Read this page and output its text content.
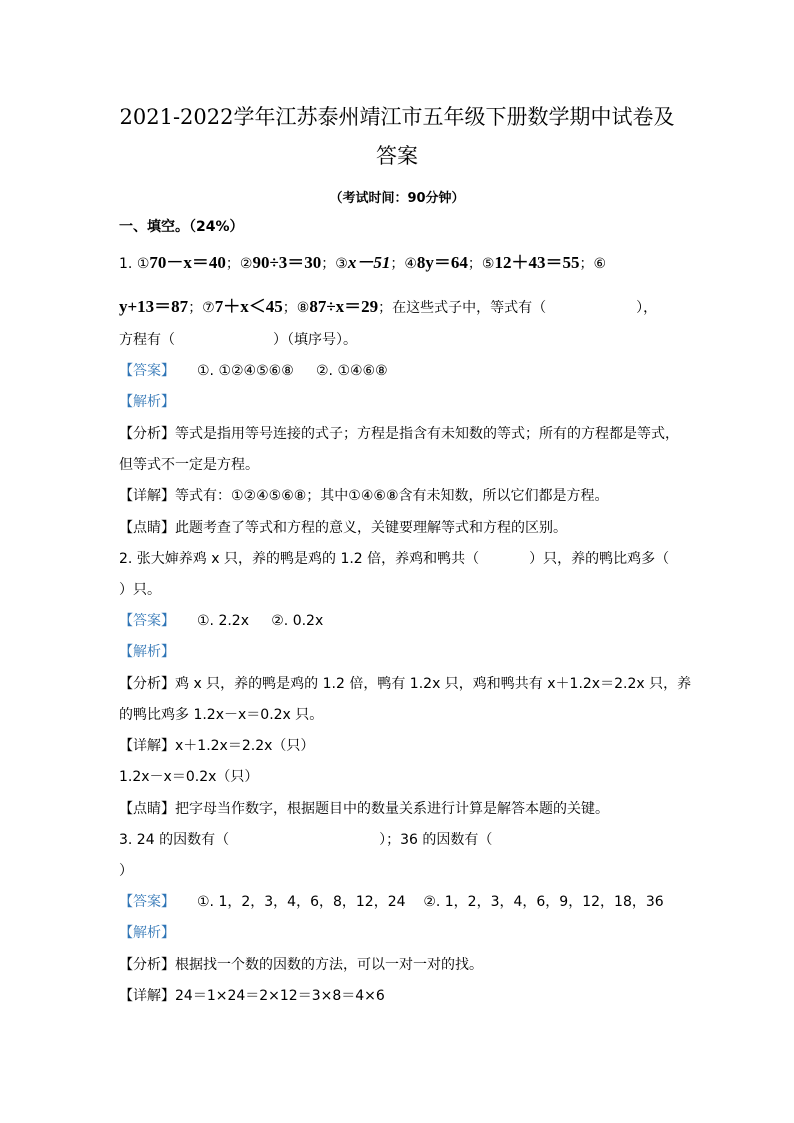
2021-2022学年江苏泰州靖江市五年级下册数学期中试卷及
答案
（考试时间：90分钟）
一、填空。（24%）
1. ①70－x＝40；②90÷3＝30；③x－51；④8y＝64；⑤12＋43＝55；⑥
y+13＝87；⑦7＋x＜45；⑧87÷x＝29；在这些式子中，等式有（	），
方程有（	）（填序号）。
【答案】 ①. ①②④⑤⑥⑧     ②. ①④⑥⑧
【解析】
【分析】等式是指用等号连接的式子；方程是指含有未知数的等式；所有的方程都是等式，
但等式不一定是方程。
【详解】等式有：①②④⑤⑥⑧；其中①④⑥⑧含有未知数，所以它们都是方程。
【点睛】此题考查了等式和方程的意义，关键要理解等式和方程的区别。
2. 张大婶养鸡 x 只，养的鸭是鸡的 1.2 倍，养鸡和鸭共（	）只，养的鸭比鸡多（
）只。
【答案】 ①. 2.2x     ②. 0.2x
【解析】
【分析】鸡 x 只，养的鸭是鸡的 1.2 倍，鸭有 1.2x 只，鸡和鸭共有 x＋1.2x＝2.2x 只，养
的鸭比鸡多 1.2x－x＝0.2x 只。
【详解】x＋1.2x＝2.2x（只）
1.2x－x＝0.2x（只）
【点睛】把字母当作数字，根据题目中的数量关系进行计算是解答本题的关键。
3. 24 的因数有（	）；36 的因数有（
）
【答案】 ①. 1，2，3，4，6，8，12，24    ②. 1，2，3，4，6，9，12，18，36
【解析】
【分析】根据找一个数的因数的方法，可以一对一对的找。
【详解】24＝1×24＝2×12＝3×8＝4×6
